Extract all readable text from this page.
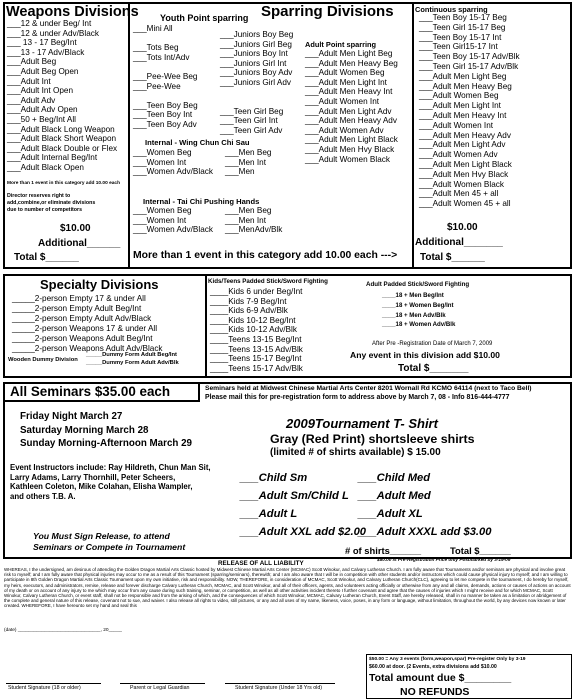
Weapons Divisions
___12 & under Beg/ Int
___12 & under Adv/Black
___ 13 - 17 Beg/Int
___13 - 17 Adv/Black
___Adult Beg
___Adult Beg Open
___Adult Int
___Adult Int Open
___Adult Adv
___Adult Adv Open
___50 + Beg/Int All
___Adult Black Long Weapon
___Adult Black Short Weapon
___Adult Black Double or Flex
___Adult Internal Beg/Int
___Adult Black Open
More than 1 event in this category add 10.00 each
Director reserves right to
add,combine,or eliminate divisions
due to number of competitors
$10.00
Additional______
Total $______
Sparring Divisions
Youth Point sparring
___Mini All

___Tots Beg
___Tots Int/Adv

___Pee-Wee Beg
___Pee-Wee

___Teen Boy Beg
___Teen Boy Int
___Teen Boy Adv
___Juniors Boy Beg
___Juniors Girl Beg
___Juniors Boy Int
___Juniors Girl Int
___Juniors Boy Adv
___Juniors Girl Adv

___Teen Girl Beg
___Teen Girl Int
___Teen Girl Adv
Adult Point sparring
___Adult Men Light Beg
___Adult Men Heavy Beg
___Adult Women Beg
___Adult Men Light Int
___Adult Men Heavy Int
___Adult Women Int
___Adult Men Light Adv
___Adult Men Heavy Adv
___Adult Women Adv
___Adult Men Light Black
___Adult Men Hvy Black
___Adult Women Black
Internal - Wing Chun Chi Sau
___Women Beg
___Women Int
___Women Adv/Black
___Men Beg
___Men Int
___Men
Internal - Tai Chi Pushing Hands
___Women Beg
___Women Int
___Women Adv/Black
___Men Beg
___Men Int
___MenAdv/Blk
More than 1 event in this category add 10.00 each --->
Continuous sparring
___Teen Boy 15-17 Beg
___Teen Girl 15-17 Beg
___Teen Boy 15-17 Int
___Teen Girl15-17 Int
___Teen Boy 15-17 Adv/Blk
___Teen Girl 15-17 Adv/Blk
___Adult Men Light Beg
___Adult Men Heavy Beg
___Adult Women Beg
___Adult Men Light Int
___Adult Men Heavy Int
___Adult Women Int
___Adult Men Heavy Adv
___Adult Men Light Adv
___Adult Women Adv
___Adult Men Light Black
___Adult Men Hvy Black
___Adult Women Black
___Adult Men 45 + all
___Adult Women 45 + all
$10.00
Additional_______
Total $______
Specialty Divisions
_____2-person Empty 17 & under All
_____2-person Empty Adult Beg/Int
_____2-person Empty Adult Adv/Black
_____2-person Weapons 17 & under All
_____2-person Weapons Adult Beg/Int
_____2-person Weapons Adult Adv/Black
Wooden Dummy Division
_____Dummy Form Adult Beg/Int
_____Dummy Form Adult Adv/Blk
Kids/Teens Padded Stick/Sword Fighting
____Kids 6 under Beg/Int
____Kids 7-9 Beg/Int
____Kids 6-9 Adv/Blk
____Kids 10-12 Beg/Int
____Kids 10-12 Adv/Blk
____Teens 13-15 Beg/Int
____Teens 13-15 Adv/Blk
____Teens 15-17 Beg/Int
____Teens 15-17 Adv/Blk
Adult Padded Stick/Sword Fighting
____18 + Men Beg/Int
____18 + Women Beg/Int
____18 + Men Adv/Blk
____18 + Women Adv/Blk
After Pre -Registration Date of March 7, 2009
Any event in this division add $10.00
Total $_______
All Seminars $35.00 each	Seminars held at Midwest Chinese Martial Arts Center 8201 Wornall Rd KCMO 64114 (next to Taco Bell)
Please mail this for pre-registration form to address above by March 7, 08 - Info 816-444-4777
Friday Night March 27
Saturday Morning March 28
Sunday Morning-Afternoon March 29
Event Instructors include: Ray Hildreth, Chun Man Sit,
Larry Adams, Larry Thornhill, Peter Scheers,
Kathleen Coleton, Mike Colahan, Elisha Wampler,
and others T.B. A.
You Must Sign Release, to attend
Seminars or Compete in Tournament
2009Tournament T- Shirt
Gray (Red Print) shortsleeve shirts
(limited # of shirts available) $ 15.00
___Child Sm	___Child Med
___Adult Sm/Child L ___Adult Med
___Adult L	___Adult XL
___Adult XXL add $2.00
___Adult XXXL add $3.00
# of shirts______	Total $______
$50.00 is Pre-Registration Price only Postmarked by 3-19-09
RELEASE OF ALL LIABILITY
WHEREAS, I the undersigned, am desirous of attending the Golden Dragon Martial Arts Classic hosted by Midwest Chinese Martial Arts Center (MCMAC) Scott Winokur, and Calvary Lutheran Church. I am fully aware that Tournaments and/or seminars are physical and involve great risk to myself; and I am fully aware that physical injuries may occur to me as a result of this Tournament (sparring/seminars), therewith; and I am also aware that I will be in competition with other students and/or instructors which could cause physical injury to myself; and I am willing to participate in 8th Golden Dragon Martial Arts Classic Tournament upon my own initiative, risk and responsibility. NOW, THEREFORE, in consideration of MCMAC, Scott Winokur, and Calvary Lutheran Church(CLC), agreeing to let me compete in the tournament, I do hereby for myself, my heirs, executors, and administrators, remise, release and forever discharge Calvary Lutheran Church, MCMAC, and Scott Winokur, and all of their officers, agents, and volunteers acting officially or otherwise from any and all claims, demands, actions or causes of actions on account of my death or on account of any injury to me which may occur from any cause during such training, seminar, or competition, as well as all other activities incident thereto I further covenant and agree that the causes of injuries which I might receive and for which MCMAC, Scott Winokur, Calvary Lutheran Church, or event staff, shall not be responsible and from the arising of which, and the consequences of which Scott Winokur, MCMAC, Calvary Lutheran Church, Event Staff, are hereby released, shall in no manner be taken as a limitation or abridgement of the complete and general nature of this release, covenant not to sue, and waiver. I also release all rights to video, still pictures, or any and all uses of my name, likeness, voice, poses, in any form or language, without limitation, throughout the world, by any devices now known or later created. WHEREFORE, I have hereunto set my hand and seal this
(date) _______________________________, 20_____
Student Signature (18 or older)	Parent or Legal Guardian	Student Signature (Under 18 Yrs old)
$50.00 = Any 3 events (form,weapon,spar) Pre-register Only by 3-19
$60.00 at door. (2 Events, extra divisions add $10.00
Total amount due $________
NO REFUNDS
